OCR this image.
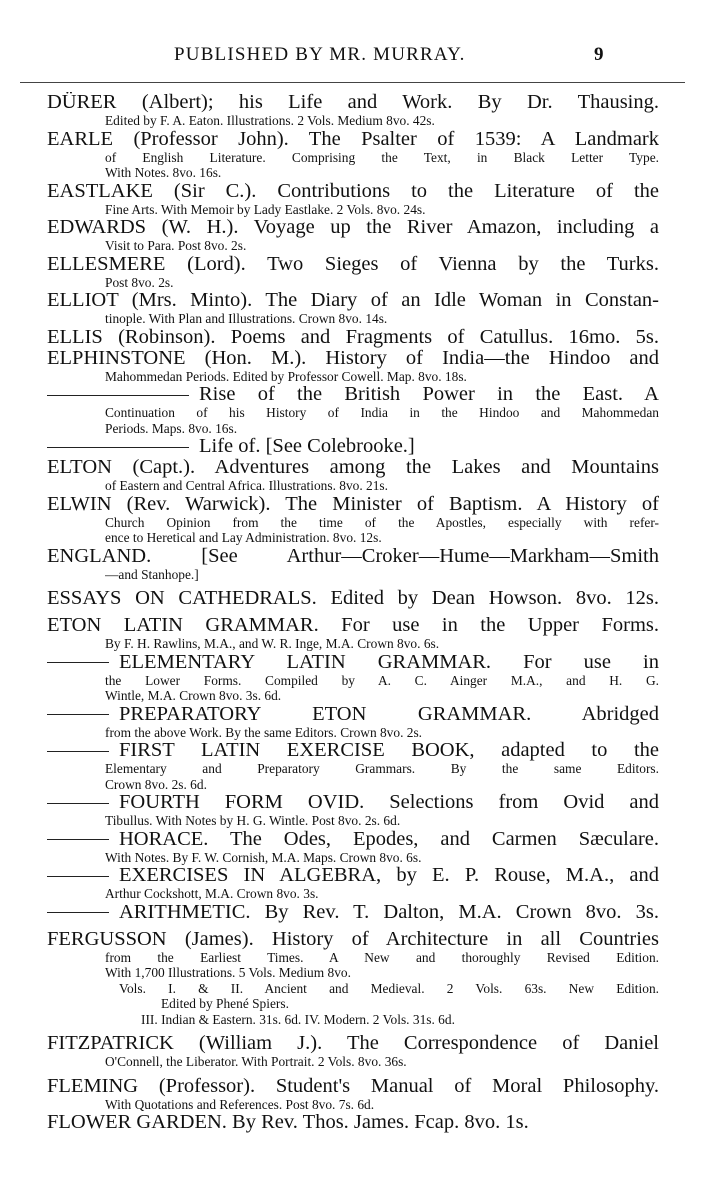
PUBLISHED BY MR. MURRAY.	9
DÜRER (Albert); his Life and Work. By Dr. Thausing.
Edited by F. A. Eaton. Illustrations. 2 Vols. Medium 8vo. 42s.
EARLE (Professor John). The Psalter of 1539: A Landmark
of English Literature. Comprising the Text, in Black Letter Type.
With Notes. 8vo. 16s.
EASTLAKE (Sir C.). Contributions to the Literature of the
Fine Arts. With Memoir by Lady Eastlake. 2 Vols. 8vo. 24s.
EDWARDS (W. H.). Voyage up the River Amazon, including a
Visit to Para. Post 8vo. 2s.
ELLESMERE (Lord). Two Sieges of Vienna by the Turks.
Post 8vo. 2s.
ELLIOT (Mrs. Minto). The Diary of an Idle Woman in Constan-
tinople. With Plan and Illustrations. Crown 8vo. 14s.
ELLIS (Robinson). Poems and Fragments of Catullus. 16mo. 5s.
ELPHINSTONE (Hon. M.). History of India—the Hindoo and
Mahommedan Periods. Edited by Professor Cowell. Map. 8vo. 18s.
Rise of the British Power in the East. A
Continuation of his History of India in the Hindoo and Mahommedan
Periods. Maps. 8vo. 16s.
Life of. [See Colebrooke.]
ELTON (Capt.). Adventures among the Lakes and Mountains
of Eastern and Central Africa. Illustrations. 8vo. 21s.
ELWIN (Rev. Warwick). The Minister of Baptism. A History of
Church Opinion from the time of the Apostles, especially with refer-
ence to Heretical and Lay Administration. 8vo. 12s.
ENGLAND. [See Arthur—Croker—Hume—Markham—Smith
—and Stanhope.]
ESSAYS ON CATHEDRALS. Edited by Dean Howson. 8vo. 12s.
ETON LATIN GRAMMAR. For use in the Upper Forms.
By F. H. Rawlins, M.A., and W. R. Inge, M.A. Crown 8vo. 6s.
ELEMENTARY LATIN GRAMMAR. For use in
the Lower Forms. Compiled by A. C. Ainger M.A., and H. G.
Wintle, M.A. Crown 8vo. 3s. 6d.
PREPARATORY ETON GRAMMAR. Abridged
from the above Work. By the same Editors. Crown 8vo. 2s.
FIRST LATIN EXERCISE BOOK, adapted to the
Elementary and Preparatory Grammars. By the same Editors.
Crown 8vo. 2s. 6d.
FOURTH FORM OVID. Selections from Ovid and
Tibullus. With Notes by H. G. Wintle. Post 8vo. 2s. 6d.
HORACE. The Odes, Epodes, and Carmen Sæculare.
With Notes. By F. W. Cornish, M.A. Maps. Crown 8vo. 6s.
EXERCISES IN ALGEBRA, by E. P. Rouse, M.A., and
Arthur Cockshott, M.A. Crown 8vo. 3s.
ARITHMETIC. By Rev. T. Dalton, M.A. Crown 8vo. 3s.
FERGUSSON (James). History of Architecture in all Countries
from the Earliest Times. A New and thoroughly Revised Edition.
With 1,700 Illustrations. 5 Vols. Medium 8vo.
Vols. I. & II. Ancient and Medieval. 2 Vols. 63s. New Edition.
Edited by Phené Spiers.
III. Indian & Eastern. 31s. 6d. IV. Modern. 2 Vols. 31s. 6d.
FITZPATRICK (William J.). The Correspondence of Daniel
O'Connell, the Liberator. With Portrait. 2 Vols. 8vo. 36s.
FLEMING (Professor). Student's Manual of Moral Philosophy.
With Quotations and References. Post 8vo. 7s. 6d.
FLOWER GARDEN. By Rev. Thos. James. Fcap. 8vo. 1s.
